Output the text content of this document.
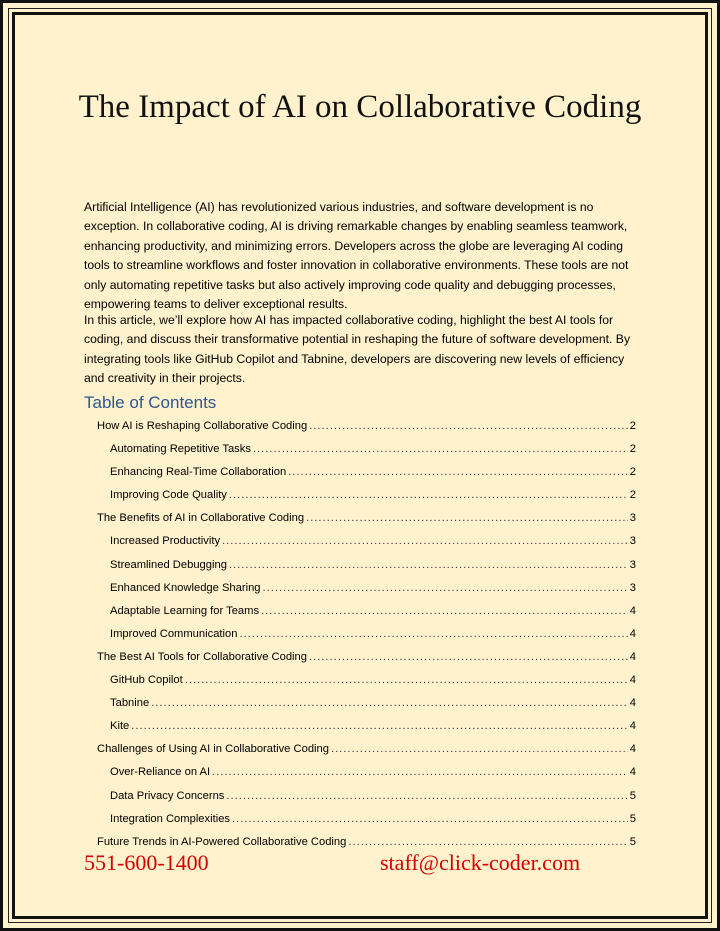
The Impact of AI on Collaborative Coding

Artificial Intelligence (AI) has revolutionized various industries, and software development is no exception. In collaborative coding, AI is driving remarkable changes by enabling seamless teamwork, enhancing productivity, and minimizing errors. Developers across the globe are leveraging AI coding tools to streamline workflows and foster innovation in collaborative environments. These tools are not only automating repetitive tasks but also actively improving code quality and debugging processes, empowering teams to deliver exceptional results.

In this article, we’ll explore how AI has impacted collaborative coding, highlight the best AI tools for coding, and discuss their transformative potential in reshaping the future of software development. By integrating tools like GitHub Copilot and Tabnine, developers are discovering new levels of efficiency and creativity in their projects.

Table of Contents
How AI is Reshaping Collaborative Coding .....	2
Automating Repetitive Tasks .....	2
Enhancing Real-Time Collaboration .....	2
Improving Code Quality .....	2
The Benefits of AI in Collaborative Coding .....	3
Increased Productivity .....	3
Streamlined Debugging .....	3
Enhanced Knowledge Sharing .....	3
Adaptable Learning for Teams .....	4
Improved Communication .....	4
The Best AI Tools for Collaborative Coding .....	4
GitHub Copilot .....	4
Tabnine .....	4
Kite .....	4
Challenges of Using AI in Collaborative Coding .....	4
Over-Reliance on AI .....	4
Data Privacy Concerns .....	5
Integration Complexities .....	5
Future Trends in AI-Powered Collaborative Coding .....	5
551-600-1400	staff@click-coder.com
